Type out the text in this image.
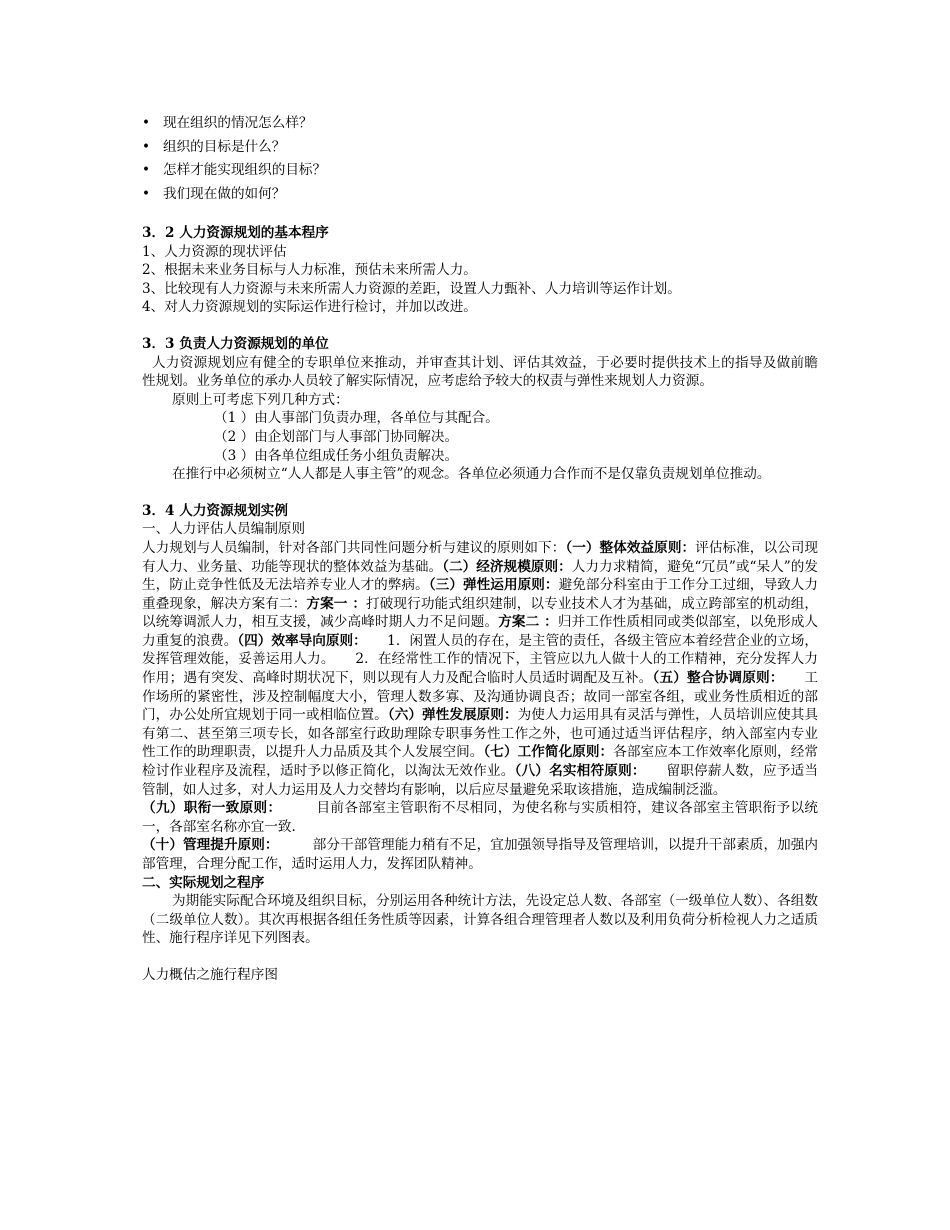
• 现在组织的情况怎么样？
• 组织的目标是什么？
• 怎样才能实现组织的目标？
• 我们现在做的如何？

3．2 人力资源规划的基本程序

1、人力资源的现状评估

2、根据未来业务目标与人力标准，预估未来所需人力。

3、比较现有人力资源与未来所需人力资源的差距，设置人力甄补、人力培训等运作计划。

4、对人力资源规划的实际运作进行检讨，并加以改进。

3．3 负责人力资源规划的单位

人力资源规划应有健全的专职单位来推动，并审查其计划、评估其效益，于必要时提供技术上的指导及做前瞻性规划。业务单位的承办人员较了解实际情况，应考虑给予较大的权责与弹性来规划人力资源。

原则上可考虑下列几种方式：

（1 ）由人事部门负责办理，各单位与其配合。

（2 ）由企划部门与人事部门协同解决。

（3 ）由各单位组成任务小组负责解决。

在推行中必须树立“人人都是人事主管”的观念。各单位必须通力合作而不是仅靠负责规划单位推动。

3．4 人力资源规划实例

一、人力评估人员编制原则

人力规划与人员编制，针对各部门共同性问题分析与建议的原则如下：（一）整体效益原则：评估标准，以公司现有人力、业务量、功能等现状的整体效益为基础。（二）经济规模原则：人力力求精简，避免“冗员”或“呆人”的发生，防止竞争性低及无法培养专业人才的弊病。（三）弹性运用原则：避免部分科室由于工作分工过细，导致人力重叠现象，解决方案有二：方案一 ：打破现行功能式组织建制，以专业技术人才为基础，成立跨部室的机动组，以统筹调派人力，相互支援，减少高峰时期人力不足问题。方案二 ：归并工作性质相同或类似部室，以免形成人力重复的浪费。（四）效率导向原则：　　1．闲置人员的存在，是主管的责任，各级主管应本着经营企业的立场，发挥管理效能，妥善运用人力。　　2．在经常性工作的情况下，主管应以九人做十人的工作精神，充分发挥人力作用；遇有突发、高峰时期状况下，则以现有人力及配合临时人员适时调配及互补。（五）整合协调原则：　　工作场所的紧密性，涉及控制幅度大小，管理人数多寡、及沟通协调良否；故同一部室各组，或业务性质相近的部门，办公处所宜规划于同一或相临位置。（六）弹性发展原则：为使人力运用具有灵活与弹性，人员培训应使其具有第二、甚至第三项专长，如各部室行政助理除专职事务性工作之外，也可通过适当评估程序，纳入部室内专业性工作的助理职责，以提升人力品质及其个人发展空间。（七）工作简化原则：各部室应本工作效率化原则，经常检讨作业程序及流程，适时予以修正简化，以淘汰无效作业。（八）名实相符原则：　　留职停薪人数，应予适当管制，如人过多，对人力运用及人力交替均有影响，以后应尽量避免采取该措施，造成编制泛滥。

（九）职衔一致原则：　　　目前各部室主管职衔不尽相同，为使名称与实质相符，建议各部室主管职衔予以统一，各部室名称亦宜一致.

（十）管理提升原则：　　　部分干部管理能力稍有不足，宜加强领导指导及管理培训，以提升干部素质，加强内部管理，合理分配工作，适时运用人力，发挥团队精神。

二、实际规划之程序

为期能实际配合环境及组织目标，分别运用各种统计方法，先设定总人数、各部室（一级单位人数）、各组数（二级单位人数）。其次再根据各组任务性质等因素，计算各组合理管理者人数以及利用负荷分析检视人力之适质性、施行程序详见下列图表。

人力概估之施行程序图
